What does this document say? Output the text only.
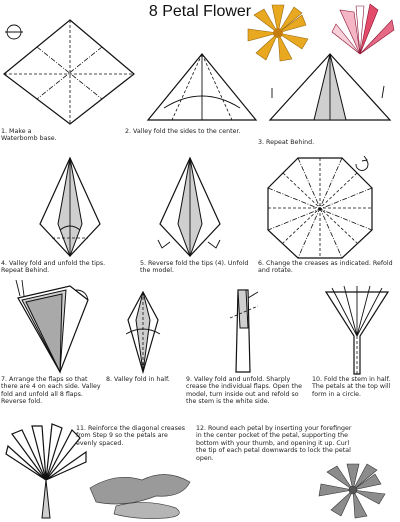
8 Petal Flower
1. Make a Waterbomb base.
2. Valley fold the sides to the center.
3. Repeat Behind.
4. Valley fold and unfold the tips. Repeat Behind.
5. Reverse fold the tips (4). Unfold the model.
6. Change the creases as indicated. Refold and rotate.
7. Arrange the flaps so that there are 4 on each side. Valley fold and unfold all 8 flaps. Reverse fold.
8. Valley fold in half.	9. Valley fold and unfold. Sharply crease the individual flaps. Open the model, turn inside out and refold so the stem is the white side.
10. Fold the stem in half. The petals at the top will form in a circle.
11. Reinforce the diagonal creases from Step 9 so the petals are evenly spaced.
12. Round each petal by inserting your forefinger in the center pocket of the petal, supporting the bottom with your thumb, and opening it up. Curl the tip of each petal downwards to lock the petal open.
